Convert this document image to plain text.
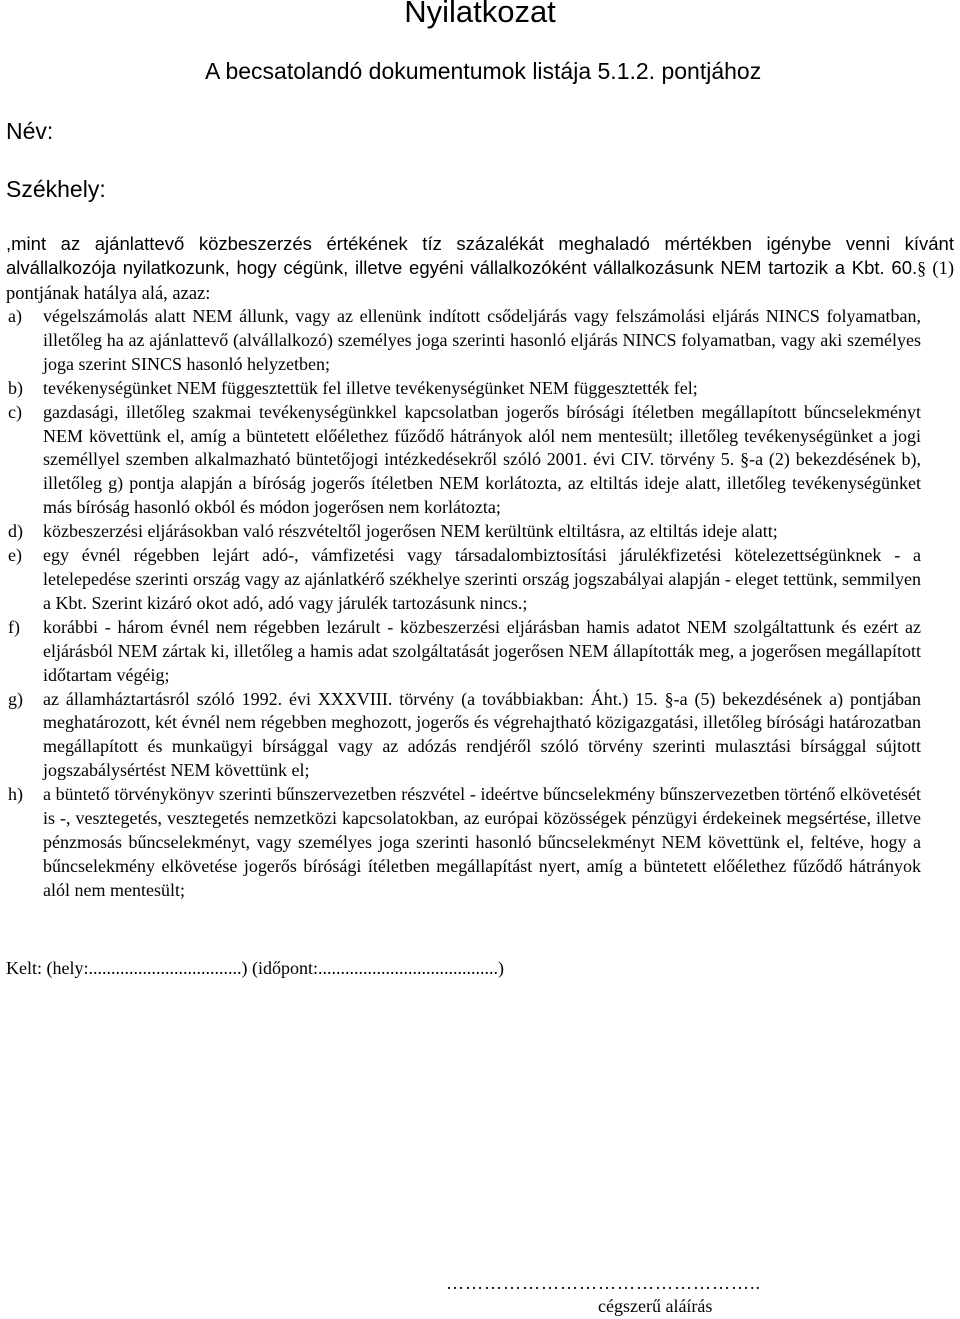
Nyilatkozat
A becsatolandó dokumentumok listája 5.1.2. pontjához
Név:
Székhely:
,mint az ajánlattevő közbeszerzés értékének tíz százalékát meghaladó mértékben igénybe venni kívánt alvállalkozója nyilatkozunk, hogy cégünk, illetve egyéni vállalkozóként vállalkozásunk NEM tartozik a Kbt. 60.§ (1) pontjának hatálya alá, azaz:
a)	végelszámolás alatt NEM állunk, vagy az ellenünk indított csődeljárás vagy felszámolási eljárás NINCS folyamatban, illetőleg ha az ajánlattevő (alvállalkozó) személyes joga szerinti hasonló eljárás NINCS folyamatban, vagy aki személyes joga szerint SINCS hasonló helyzetben;
b)	tevékenységünket NEM függesztettük fel illetve tevékenységünket NEM függesztették fel;
c)	gazdasági, illetőleg szakmai tevékenységünkkel kapcsolatban jogerős bírósági ítéletben megállapított bűncselekményt NEM követtünk el, amíg a büntetett előélethez fűződő hátrányok alól nem mentesült; illetőleg tevékenységünket a jogi személlyel szemben alkalmazható büntetőjogi intézkedésekről szóló 2001. évi CIV. törvény 5. §-a (2) bekezdésének b), illetőleg g) pontja alapján a bíróság jogerős ítéletben NEM korlátozta, az eltiltás ideje alatt, illetőleg tevékenységünket más bíróság hasonló okból és módon jogerősen nem korlátozta;
d)	közbeszerzési eljárásokban való részvételtől jogerősen NEM kerültünk eltiltásra, az eltiltás ideje alatt;
e)	egy évnél régebben lejárt adó-, vámfizetési vagy társadalombiztosítási járulékfizetési kötelezettségünknek - a letelepedése szerinti ország vagy az ajánlatkérő székhelye szerinti ország jogszabályai alapján - eleget tettünk, semmilyen a Kbt. Szerint kizáró okot adó, adó vagy járulék tartozásunk nincs.;
f)	korábbi - három évnél nem régebben lezárult - közbeszerzési eljárásban hamis adatot NEM szolgáltattunk és ezért az eljárásból NEM zártak ki, illetőleg a hamis adat szolgáltatását jogerősen NEM állapították meg, a jogerősen megállapított időtartam végéig;
g)	az államháztartásról szóló 1992. évi XXXVIII. törvény (a továbbiakban: Áht.) 15. §-a (5) bekezdésének a) pontjában meghatározott, két évnél nem régebben meghozott, jogerős és végrehajtható közigazgatási, illetőleg bírósági határozatban megállapított és munkaügyi bírsággal vagy az adózás rendjéről szóló törvény szerinti mulasztási bírsággal sújtott jogszabálysértést NEM követtünk el;
h)	a büntető törvénykönyv szerinti bűnszervezetben részvétel - ideértve bűncselekmény bűnszervezetben történő elkövetését is -, vesztegetés, vesztegetés nemzetközi kapcsolatokban, az európai közösségek pénzügyi érdekeinek megsértése, illetve pénzmosás bűncselekményt, vagy személyes joga szerinti hasonló bűncselekményt NEM követtünk el, feltéve, hogy a bűncselekmény elkövetése jogerős bírósági ítéletben megállapítást nyert, amíg a büntetett előélethez fűződő hátrányok alól nem mentesült;
Kelt: (hely:..................................) (időpont:........................................)
…………………………………………..
cégszerű aláírás
